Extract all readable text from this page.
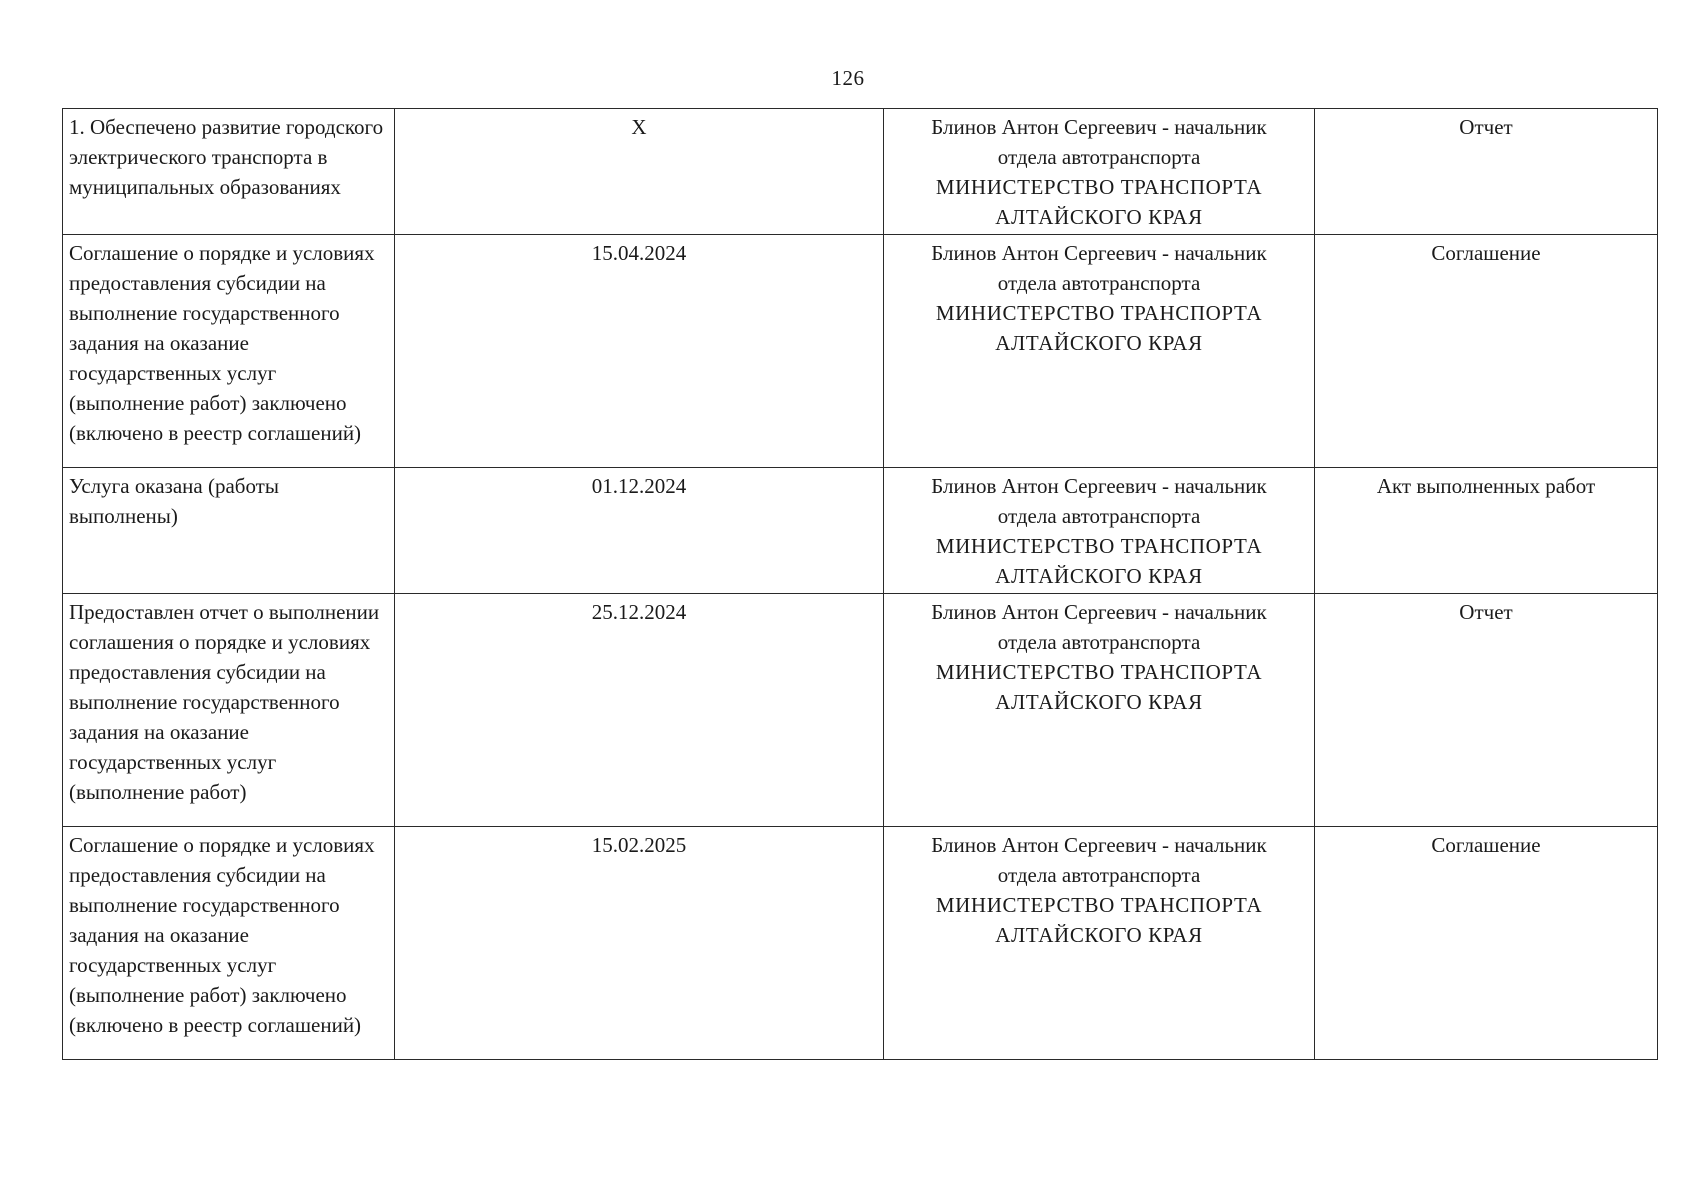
126
1. Обеспечено развитие городского электрического транспорта в муниципальных образованиях	X	Блинов Антон Сергеевич - начальник
отдела автотранспорта
МИНИСТЕРСТВО ТРАНСПОРТА
АЛТАЙСКОГО КРАЯ	Отчет
Соглашение о порядке и условиях предоставления субсидии на выполнение государственного задания на оказание государственных услуг (выполнение работ) заключено (включено в реестр соглашений)	15.04.2024	Блинов Антон Сергеевич - начальник
отдела автотранспорта
МИНИСТЕРСТВО ТРАНСПОРТА
АЛТАЙСКОГО КРАЯ	Соглашение
Услуга оказана (работы выполнены)	01.12.2024	Блинов Антон Сергеевич - начальник
отдела автотранспорта
МИНИСТЕРСТВО ТРАНСПОРТА
АЛТАЙСКОГО КРАЯ	Акт выполненных работ
Предоставлен отчет о выполнении соглашения о порядке и условиях предоставления субсидии на выполнение государственного задания на оказание государственных услуг (выполнение работ)	25.12.2024	Блинов Антон Сергеевич - начальник
отдела автотранспорта
МИНИСТЕРСТВО ТРАНСПОРТА
АЛТАЙСКОГО КРАЯ	Отчет
Соглашение о порядке и условиях предоставления субсидии на выполнение государственного задания на оказание государственных услуг (выполнение работ) заключено (включено в реестр соглашений)	15.02.2025	Блинов Антон Сергеевич - начальник
отдела автотранспорта
МИНИСТЕРСТВО ТРАНСПОРТА
АЛТАЙСКОГО КРАЯ	Соглашение
